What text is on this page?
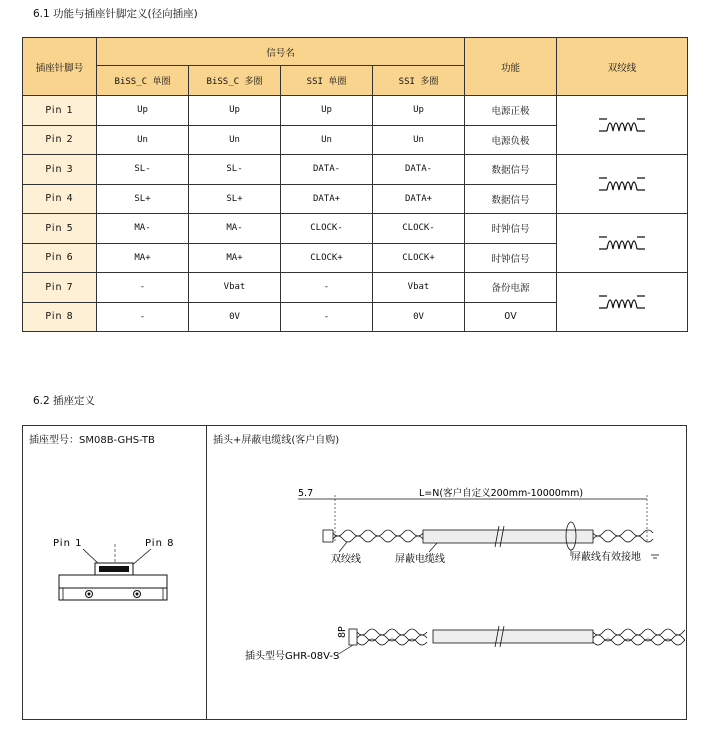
6.1 功能与插座针脚定义(径向插座)
插座针脚号	信号名				功能	双绞线
	BiSS_C 单圈	BiSS_C 多圈	SSI 单圈	SSI 多圈		
Pin 1	Up	Up	Up	Up	电源正极	

Pin 2	Un	Un	Un	Un	电源负极	
Pin 3	SL-	SL-	DATA-	DATA-	数据信号	

Pin 4	SL+	SL+	DATA+	DATA+	数据信号	
Pin 5	MA-	MA-	CLOCK-	CLOCK-	时钟信号	

Pin 6	MA+	MA+	CLOCK+	CLOCK+	时钟信号	
Pin 7	-	Vbat	-	Vbat	备份电源	

Pin 8	-	0V	-	0V	0V	
6.2 插座定义
插座型号：SM08B-GHS-TB	插头+屏蔽电缆线(客户自购)
Pin 1	Pin 8
5.7	L=N(客户自定义200mm-10000mm)
双绞线	屏蔽电缆线	屏蔽线有效接地
8P
插头型号GHR-08V-S
